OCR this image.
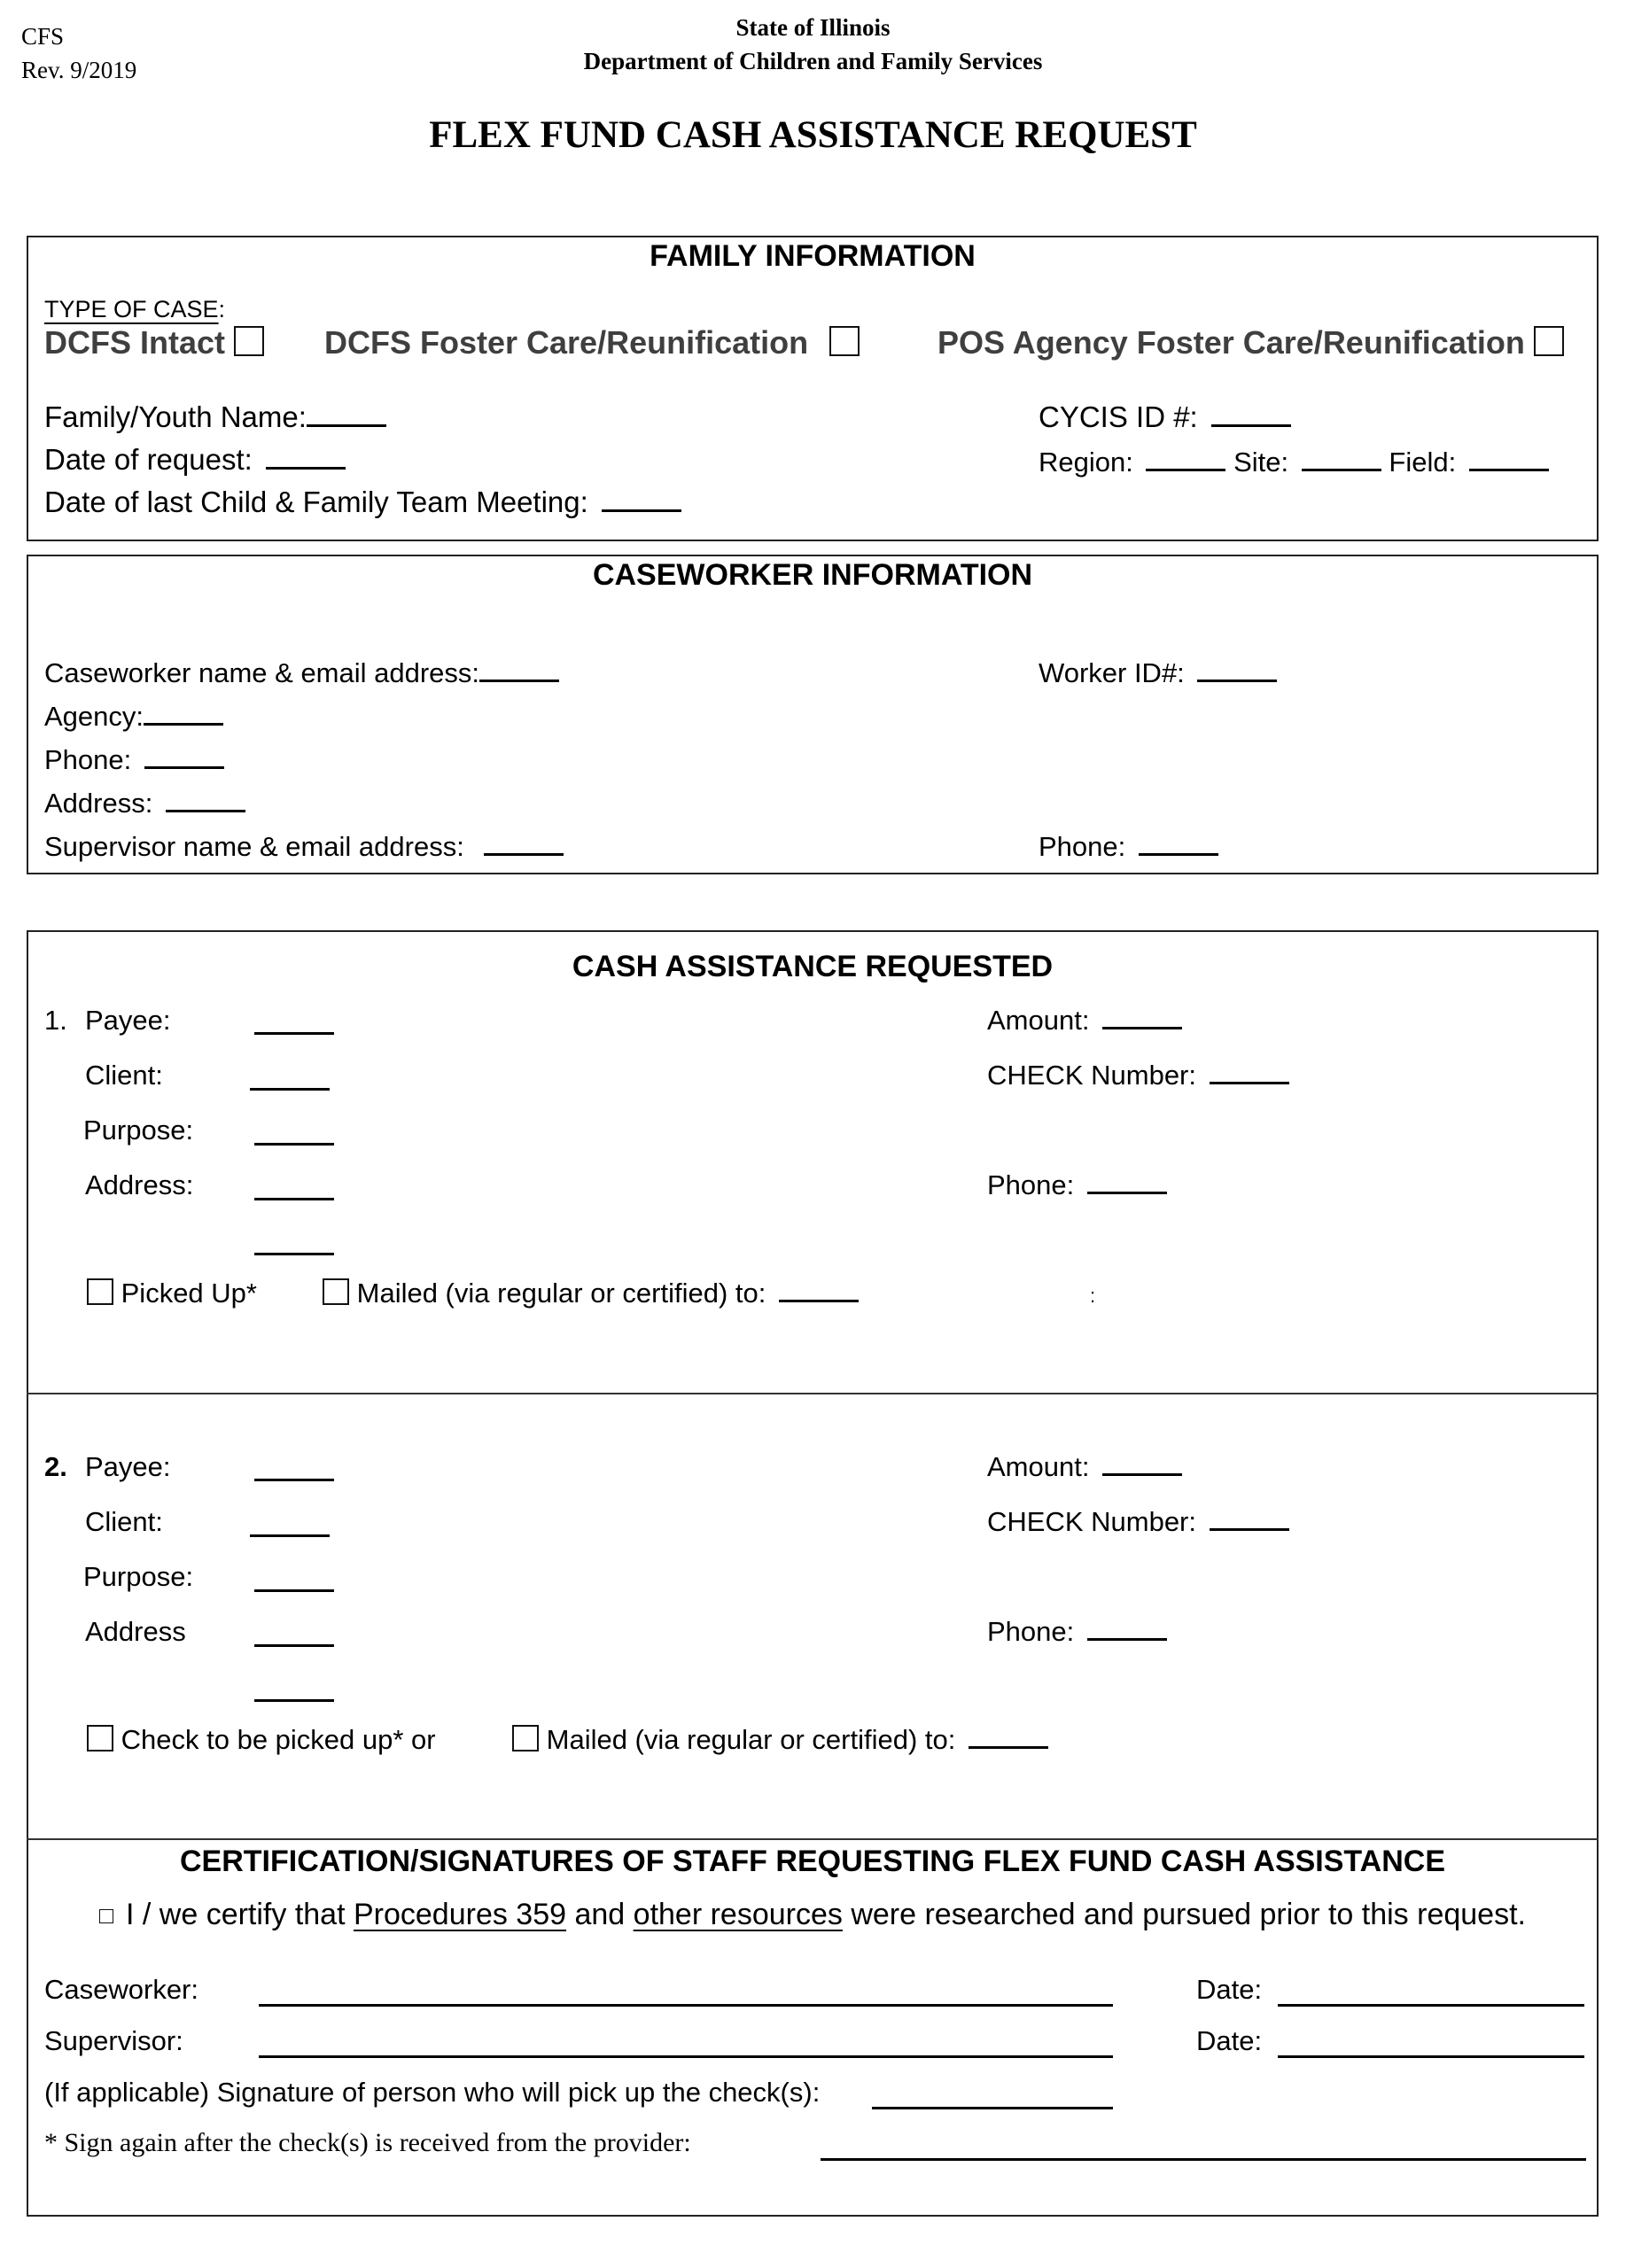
CFS
Rev. 9/2019
State of Illinois
Department of Children and Family Services
FLEX FUND CASH ASSISTANCE REQUEST
FAMILY INFORMATION
TYPE OF CASE:
DCFS Intact	DCFS Foster Care/Reunification	POS Agency Foster Care/Reunification
Family/Youth Name:
Date of request:
Date of last Child & Family Team Meeting:
CYCIS ID #:
Region:	Site:	Field:
CASEWORKER INFORMATION
Caseworker name & email address:	Worker ID#:
Agency:
Phone:
Address:
Supervisor name & email address:	Phone:
CASH ASSISTANCE REQUESTED
1. Payee:
Client:
Purpose:
Address:
Amount:
CHECK Number:
Phone:
Picked Up*	Mailed (via regular or certified) to:	:
2. Payee:
Client:
Purpose:
Address
Amount:
CHECK Number:
Phone:
Check to be picked up* or	Mailed (via regular or certified) to:
CERTIFICATION/SIGNATURES OF STAFF REQUESTING FLEX FUND CASH ASSISTANCE
I / we certify that Procedures 359 and other resources were researched and pursued prior to this request.
Caseworker:	Date:
Supervisor:	Date:
(If applicable) Signature of person who will pick up the check(s):
* Sign again after the check(s) is received from the provider:
